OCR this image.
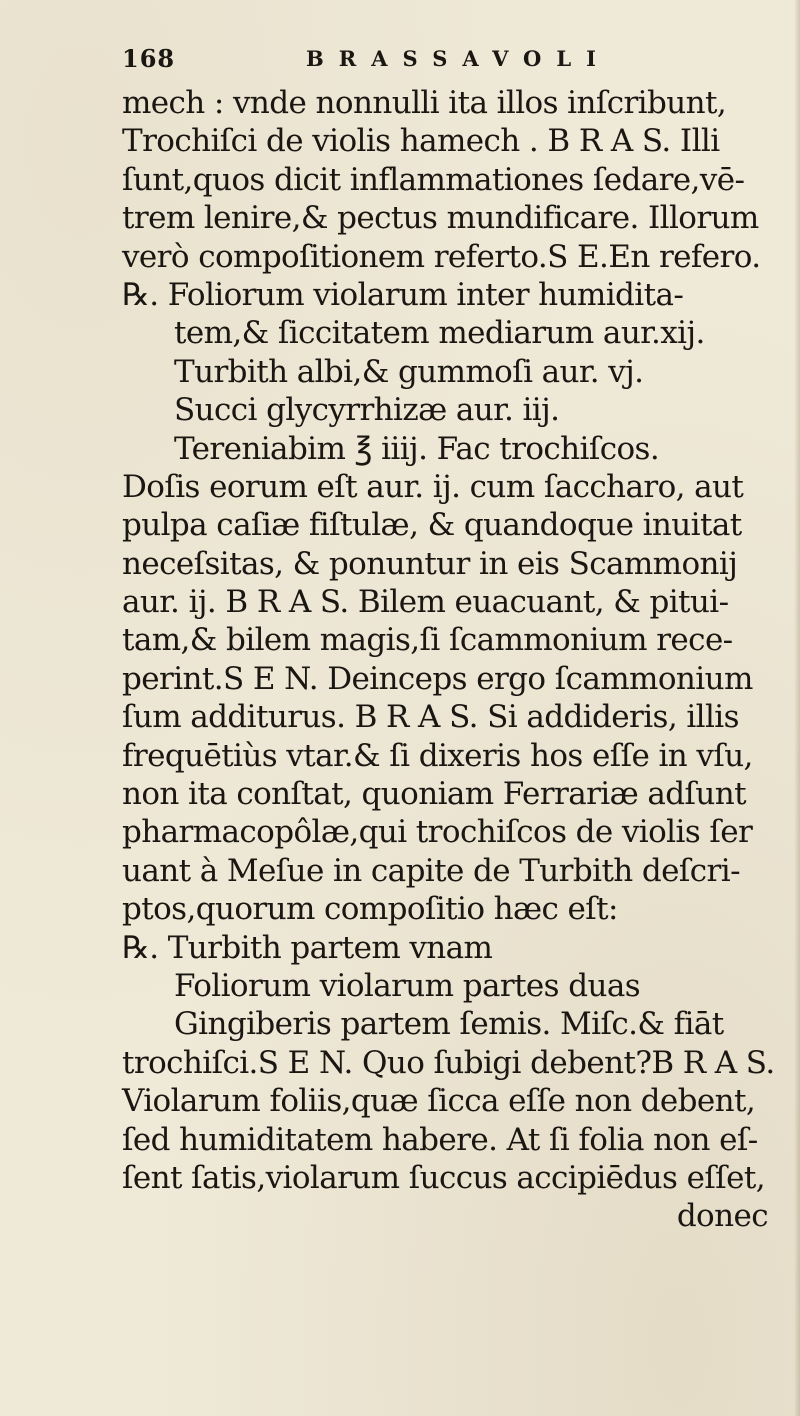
168	BRASSAVOLI
mech : vnde nonnulli ita illos inſcribunt,
Trochiſci de violis hamech . B R A S. Illi
ſunt,quos dicit inflammationes ſedare,vē-
trem lenire,& pectus mundificare. Illorum
verò compoſitionem referto.S E.En refero.
℞. Foliorum violarum inter humidita-
tem,& ſiccitatem mediarum aur.xij.
Turbith albi,& gummoſi aur. vj.
Succi glycyrrhizæ aur. iij.
Tereniabim ℥ iiij. Fac trochiſcos.
Doſis eorum eſt aur. ij. cum ſaccharo, aut
pulpa caſiæ fiſtulæ, & quandoque inuitat
neceſsitas, & ponuntur in eis Scammonij
aur. ij. B R A S. Bilem euacuant, & pitui-
tam,& bilem magis,ſi ſcammonium rece-
perint.S E N. Deinceps ergo ſcammonium
ſum additurus. B R A S. Si addideris, illis
frequētiùs vtar.& ſi dixeris hos eſſe in vſu,
non ita conſtat, quoniam Ferrariæ adſunt
pharmacopôlæ,qui trochiſcos de violis ſer
uant à Meſue in capite de Turbith deſcri-
ptos,quorum compoſitio hæc eſt:
℞. Turbith partem vnam
Foliorum violarum partes duas
Gingiberis partem ſemis. Miſc.& fiāt
trochiſci.S E N. Quo ſubigi debent?B R A S.
Violarum foliis,quæ ſicca eſſe non debent,
ſed humiditatem habere. At ſi folia non eſ-
ſent ſatis,violarum ſuccus accipiēdus eſſet,
donec
